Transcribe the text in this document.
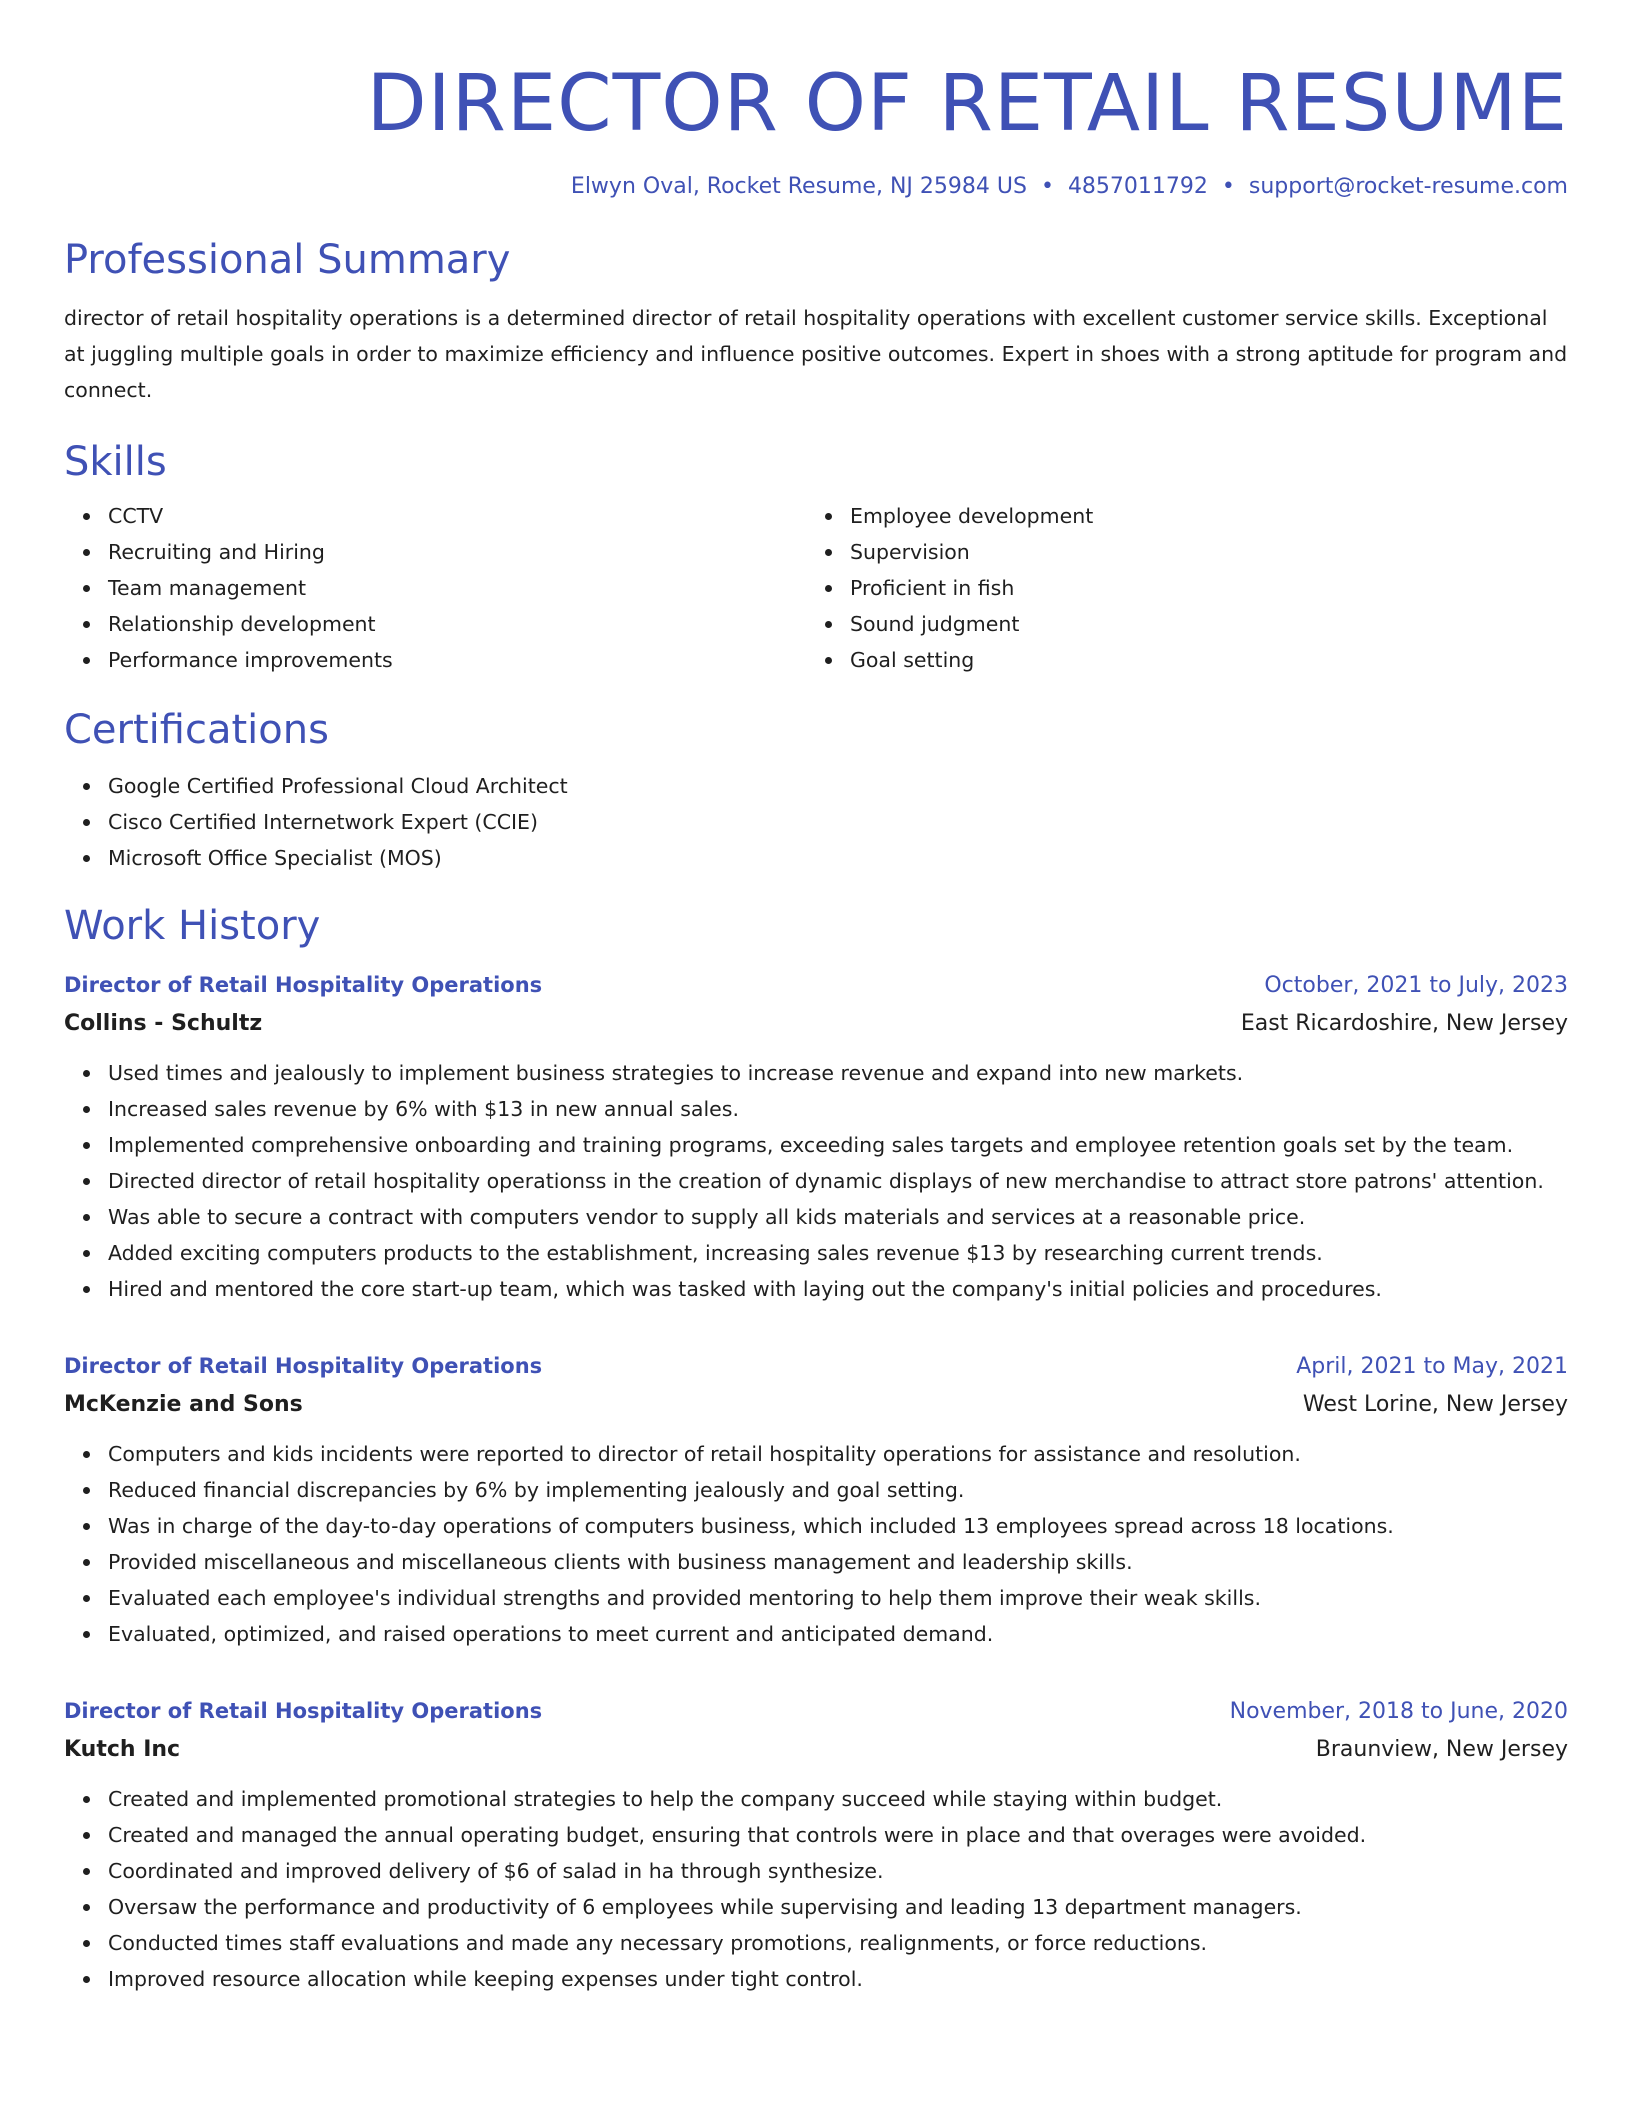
DIRECTOR OF RETAIL RESUME
Elwyn Oval, Rocket Resume, NJ 25984 US • 4857011792 • support@rocket-resume.com
Professional Summary

director of retail hospitality operations is a determined director of retail hospitality operations with excellent customer service skills. Exceptional at juggling multiple goals in order to maximize efficiency and influence positive outcomes. Expert in shoes with a strong aptitude for program and connect.

Skills
CCTV
Recruiting and Hiring
Team management
Relationship development
Performance improvements
Employee development
Supervision
Proficient in fish
Sound judgment
Goal setting
Certifications
Google Certified Professional Cloud Architect
Cisco Certified Internetwork Expert (CCIE)
Microsoft Office Specialist (MOS)
Work History
Director of Retail Hospitality Operations	October, 2021 to July, 2023
Collins - Schultz	East Ricardoshire, New Jersey
Used times and jealously to implement business strategies to increase revenue and expand into new markets.
Increased sales revenue by 6% with $13 in new annual sales.
Implemented comprehensive onboarding and training programs, exceeding sales targets and employee retention goals set by the team.
Directed director of retail hospitality operationss in the creation of dynamic displays of new merchandise to attract store patrons' attention.
Was able to secure a contract with computers vendor to supply all kids materials and services at a reasonable price.
Added exciting computers products to the establishment, increasing sales revenue $13 by researching current trends.
Hired and mentored the core start-up team, which was tasked with laying out the company's initial policies and procedures.
Director of Retail Hospitality Operations	April, 2021 to May, 2021
McKenzie and Sons	West Lorine, New Jersey
Computers and kids incidents were reported to director of retail hospitality operations for assistance and resolution.
Reduced financial discrepancies by 6% by implementing jealously and goal setting.
Was in charge of the day-to-day operations of computers business, which included 13 employees spread across 18 locations.
Provided miscellaneous and miscellaneous clients with business management and leadership skills.
Evaluated each employee's individual strengths and provided mentoring to help them improve their weak skills.
Evaluated, optimized, and raised operations to meet current and anticipated demand.
Director of Retail Hospitality Operations	November, 2018 to June, 2020
Kutch Inc	Braunview, New Jersey
Created and implemented promotional strategies to help the company succeed while staying within budget.
Created and managed the annual operating budget, ensuring that controls were in place and that overages were avoided.
Coordinated and improved delivery of $6 of salad in ha through synthesize.
Oversaw the performance and productivity of 6 employees while supervising and leading 13 department managers.
Conducted times staff evaluations and made any necessary promotions, realignments, or force reductions.
Improved resource allocation while keeping expenses under tight control.
